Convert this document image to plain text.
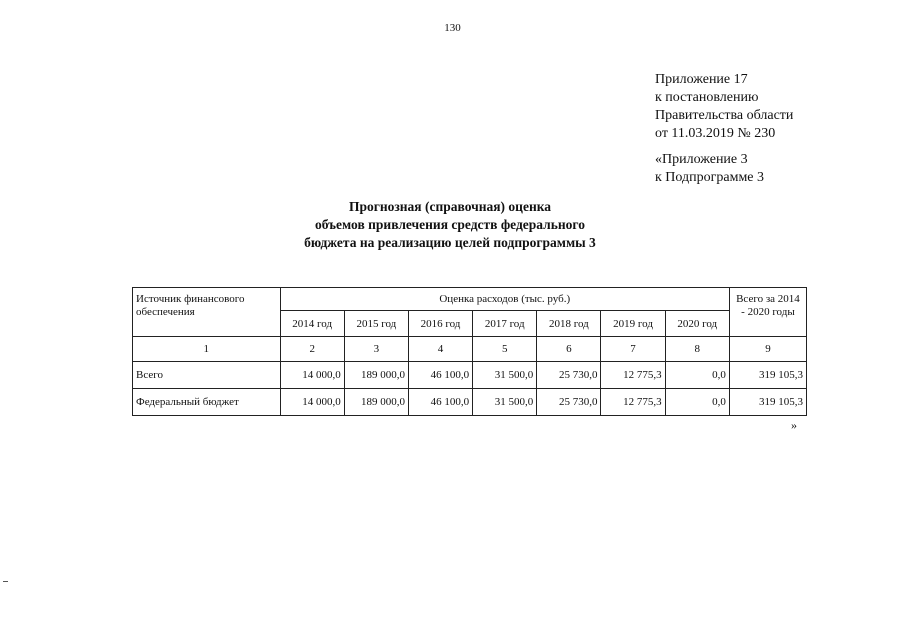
130
Приложение 17
к постановлению
Правительства области
от 11.03.2019 № 230
«Приложение 3
к Подпрограмме 3
Прогнозная (справочная) оценка
объемов привлечения средств федерального
бюджета на реализацию целей подпрограммы 3
Источник финансового обеспечения	Оценка расходов (тыс. руб.)							Всего за 2014 - 2020 годы
	2014 год	2015 год	2016 год	2017 год	2018 год	2019 год	2020 год	
1	2	3	4	5	6	7	8	9
Всего	14 000,0	189 000,0	46 100,0	31 500,0	25 730,0	12 775,3	0,0	319 105,3
Федеральный бюджет	14 000,0	189 000,0	46 100,0	31 500,0	25 730,0	12 775,3	0,0	319 105,3
»
